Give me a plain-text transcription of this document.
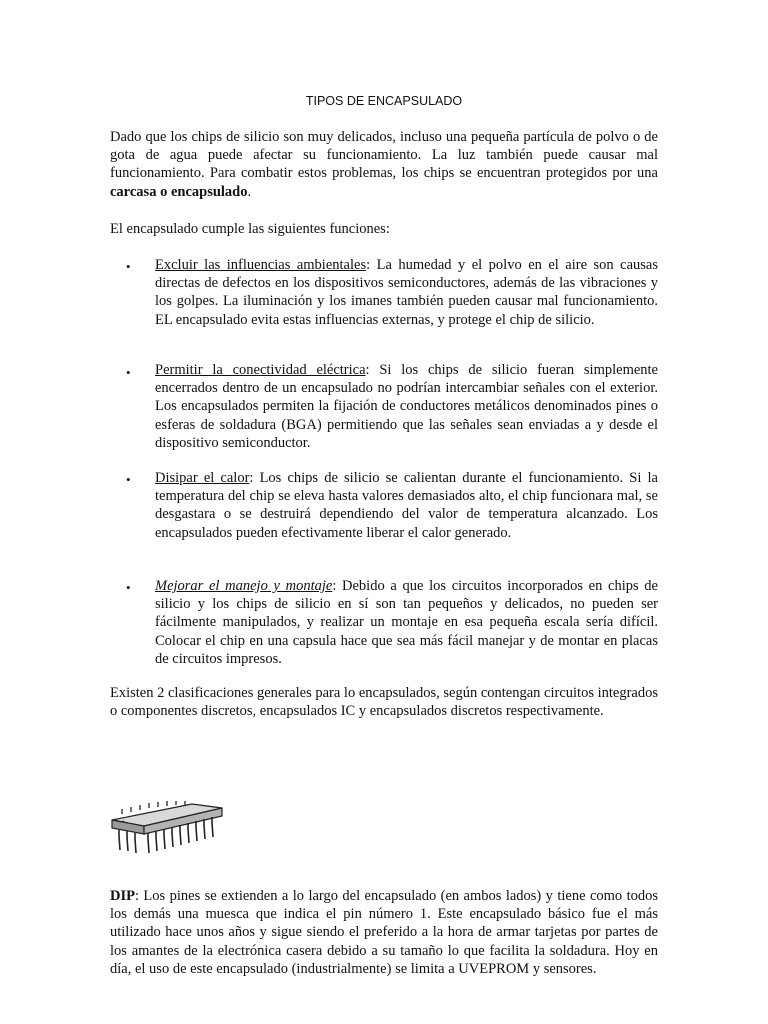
TIPOS DE ENCAPSULADO

Dado que los chips de silicio son muy delicados, incluso una pequeña partícula de polvo o de gota de agua puede afectar su funcionamiento. La luz también puede causar mal funcionamiento. Para combatir estos problemas, los chips se encuentran protegidos por una carcasa o encapsulado.

El encapsulado cumple las siguientes funciones:

• Excluir las influencias ambientales: La humedad y el polvo en el aire son causas directas de defectos en los dispositivos semiconductores, además de las vibraciones y los golpes. La iluminación y los imanes también pueden causar mal funcionamiento. EL encapsulado evita estas influencias externas, y protege el chip de silicio.

• Permitir la conectividad eléctrica: Si los chips de silicio fueran simplemente encerrados dentro de un encapsulado no podrían intercambiar señales con el exterior. Los encapsulados permiten la fijación de conductores metálicos denominados pines o esferas de soldadura (BGA) permitiendo que las señales sean enviadas a y desde el dispositivo semiconductor.

• Disipar el calor: Los chips de silicio se calientan durante el funcionamiento. Si la temperatura del chip se eleva hasta valores demasiados alto, el chip funcionara mal, se desgastara o se destruirá dependiendo del valor de temperatura alcanzado. Los encapsulados pueden efectivamente liberar el calor generado.

• Mejorar el manejo y montaje: Debido a que los circuitos incorporados en chips de silicio y los chips de silicio en sí son tan pequeños y delicados, no pueden ser fácilmente manipulados, y realizar un montaje en esa pequeña escala sería difícil. Colocar el chip en una capsula hace que sea más fácil manejar y de montar en placas de circuitos impresos.

Existen 2 clasificaciones generales para lo encapsulados, según contengan circuitos integrados o componentes discretos, encapsulados IC y encapsulados discretos respectivamente.

DIP: Los pines se extienden a lo largo del encapsulado (en ambos lados) y tiene como todos los demás una muesca que indica el pin número 1. Este encapsulado básico fue el más utilizado hace unos años y sigue siendo el preferido a la hora de armar tarjetas por partes de los amantes de la electrónica casera debido a su tamaño lo que facilita la soldadura. Hoy en día, el uso de este encapsulado (industrialmente) se limita a UVEPROM y sensores.
